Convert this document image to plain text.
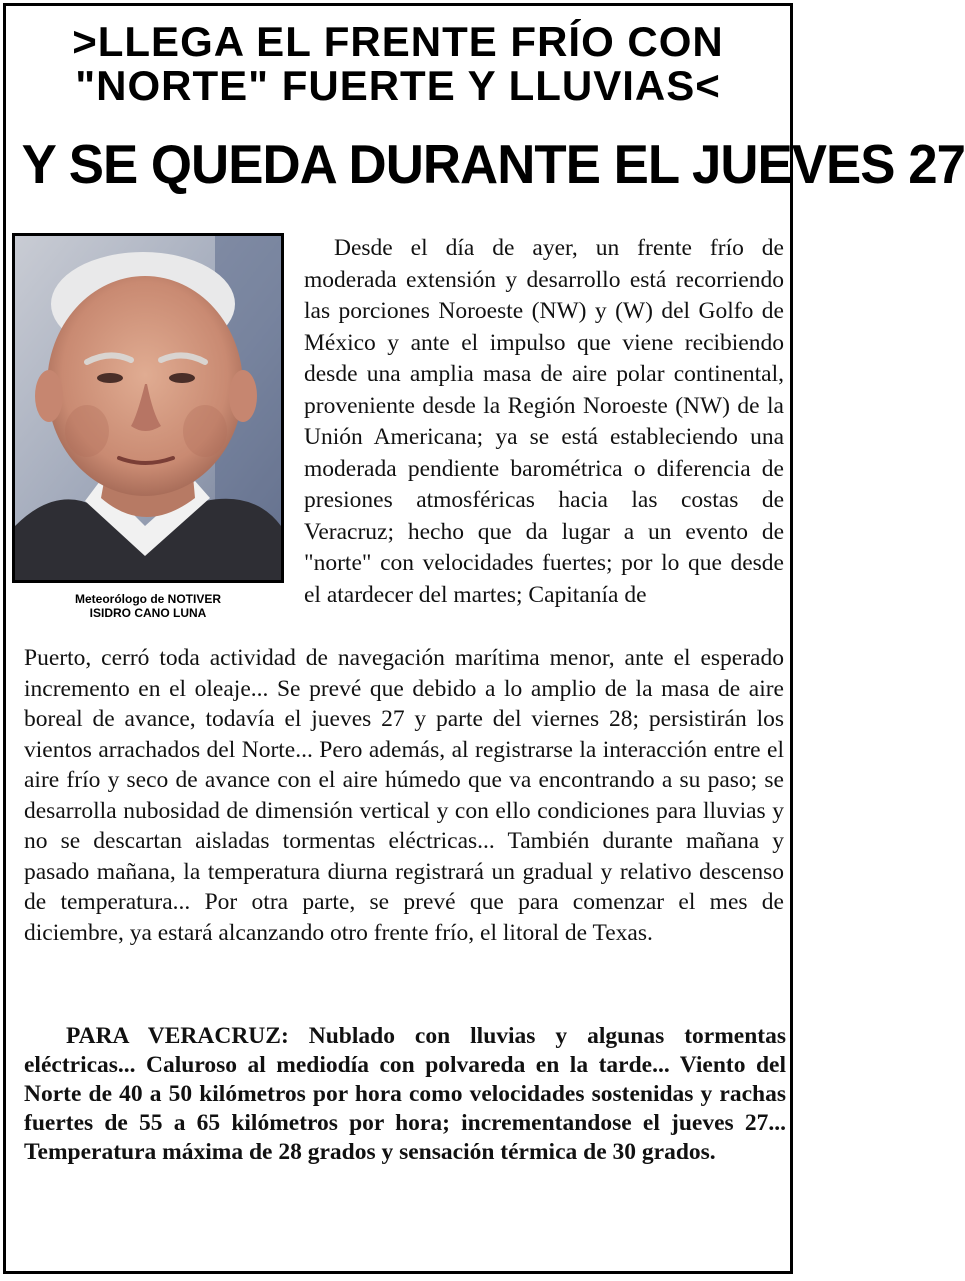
>LLEGA EL FRENTE FRÍO CON
"NORTE" FUERTE Y LLUVIAS<
Y SE QUEDA DURANTE EL JUEVES 27
Meteorólogo de NOTIVER
ISIDRO CANO LUNA

Desde el día de ayer, un frente frío de moderada extensión y desarrollo está recorriendo las porciones Noroeste (NW) y (W) del Golfo de México y ante el impulso que viene recibiendo desde una amplia masa de aire polar continental, proveniente desde la Región Noroeste (NW) de la Unión Americana; ya se está estableciendo una moderada pendiente barométrica o diferencia de presiones atmosféricas hacia las costas de Veracruz; hecho que da lugar a un evento de "norte" con velocidades fuertes; por lo que desde el atardecer del martes; Capitanía de

Puerto, cerró toda actividad de navegación marítima menor, ante el esperado incremento en el oleaje... Se prevé que debido a lo amplio de la masa de aire boreal de avance, todavía el jueves 27 y parte del viernes 28; persistirán los vientos arrachados del Norte... Pero además, al registrarse la interacción entre el aire frío y seco de avance con el aire húmedo que va encontrando a su paso; se desarrolla nubosidad de dimensión vertical y con ello condiciones para lluvias y no se descartan aisladas tormentas eléctricas... También durante mañana y pasado mañana, la temperatura diurna registrará un gradual y relativo descenso de temperatura... Por otra parte, se prevé que para comenzar el mes de diciembre, ya estará alcanzando otro frente frío, el litoral de Texas.

PARA VERACRUZ: Nublado con lluvias y algunas tormentas eléctricas... Caluroso al mediodía con polvareda en la tarde... Viento del Norte de 40 a 50 kilómetros por hora como velocidades sostenidas y rachas fuertes de 55 a 65 kilómetros por hora; incrementandose el jueves 27... Temperatura máxima de 28 grados y sensación térmica de 30 grados.
